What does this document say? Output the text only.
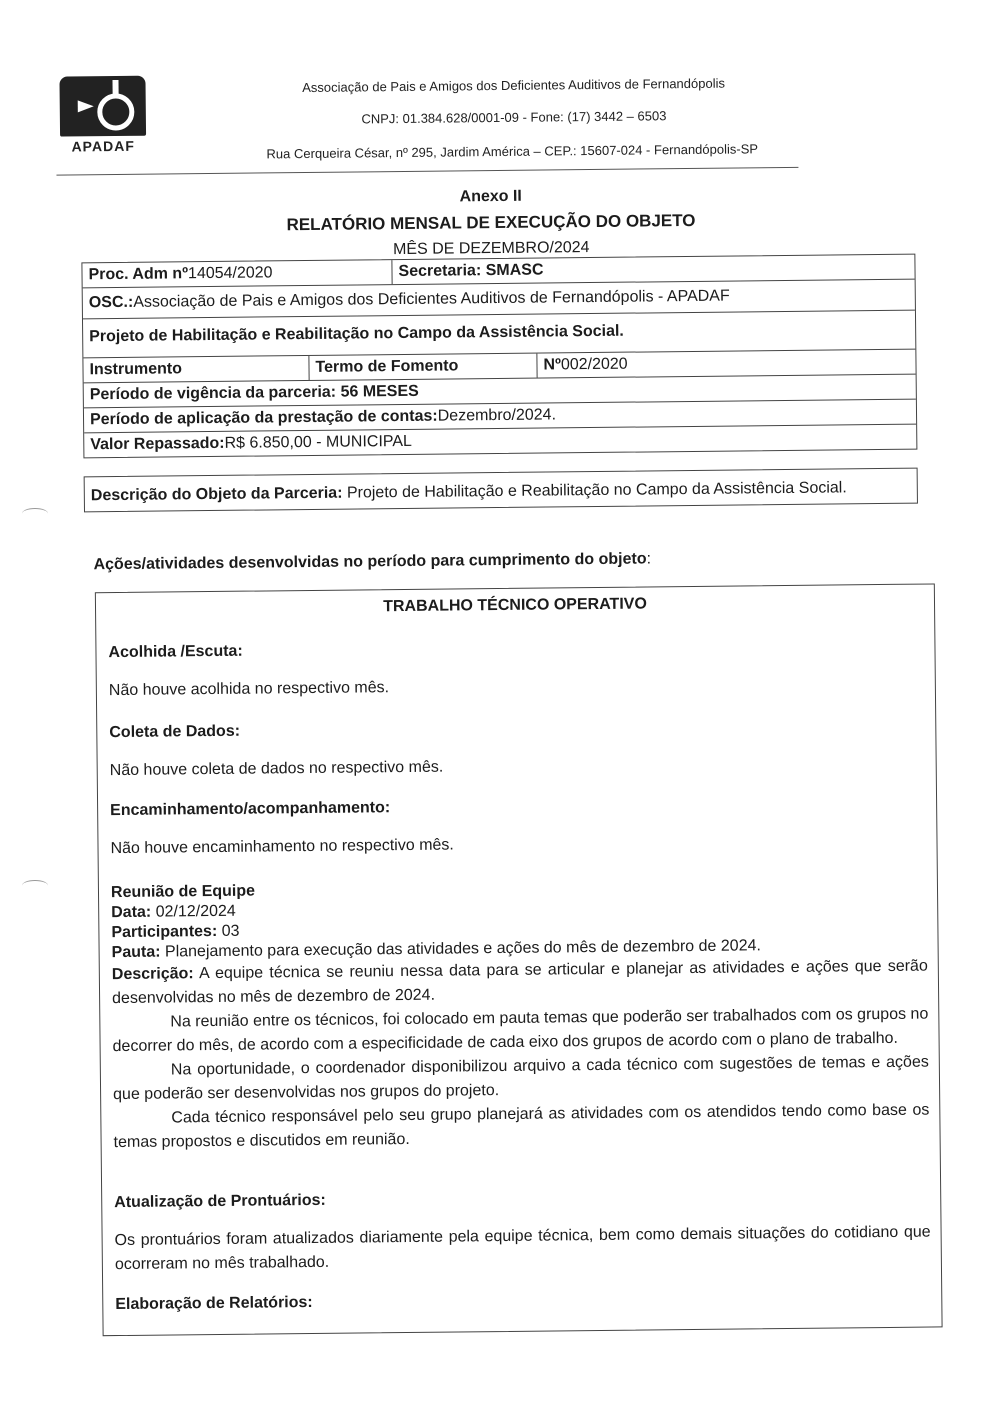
APADAF
Associação de Pais e Amigos dos Deficientes Auditivos de Fernandópolis
CNPJ: 01.384.628/0001-09 - Fone: (17) 3442 – 6503
Rua Cerqueira César, nº 295, Jardim América – CEP.: 15607-024 - Fernandópolis-SP
Anexo II
RELATÓRIO MENSAL DE EXECUÇÃO DO OBJETO
MÊS DE DEZEMBRO/2024
Proc. Adm nº 14054/2020	Secretaria: SMASC
OSC.: Associação de Pais e Amigos dos Deficientes Auditivos de Fernandópolis - APADAF
Projeto de Habilitação e Reabilitação no Campo da Assistência Social.
Instrumento	Termo de Fomento	Nº 002/2020
Período de vigência da parceria: 56 MESES
Período de aplicação da prestação de contas: Dezembro/2024.
Valor Repassado: R$ 6.850,00 - MUNICIPAL
Descrição do Objeto da Parceria: Projeto de Habilitação e Reabilitação no Campo da Assistência Social.
Ações/atividades desenvolvidas no período para cumprimento do objeto:
TRABALHO TÉCNICO OPERATIVO
Acolhida /Escuta:
Não houve acolhida no respectivo mês.
Coleta de Dados:
Não houve coleta de dados no respectivo mês.
Encaminhamento/acompanhamento:
Não houve encaminhamento no respectivo mês.
Reunião de Equipe
Data: 02/12/2024
Participantes: 03
Pauta: Planejamento para execução das atividades e ações do mês de dezembro de 2024.
Descrição: A equipe técnica se reuniu nessa data para se articular e planejar as atividades e ações que serão desenvolvidas no mês de dezembro de 2024.
Na reunião entre os técnicos, foi colocado em pauta temas que poderão ser trabalhados com os grupos no decorrer do mês, de acordo com a especificidade de cada eixo dos grupos de acordo com o plano de trabalho.
Na oportunidade, o coordenador disponibilizou arquivo a cada técnico com sugestões de temas e ações que poderão ser desenvolvidas nos grupos do projeto.
Cada técnico responsável pelo seu grupo planejará as atividades com os atendidos tendo como base os temas propostos e discutidos em reunião.
Atualização de Prontuários:
Os prontuários foram atualizados diariamente pela equipe técnica, bem como demais situações do cotidiano que ocorreram no mês trabalhado.
Elaboração de Relatórios:
